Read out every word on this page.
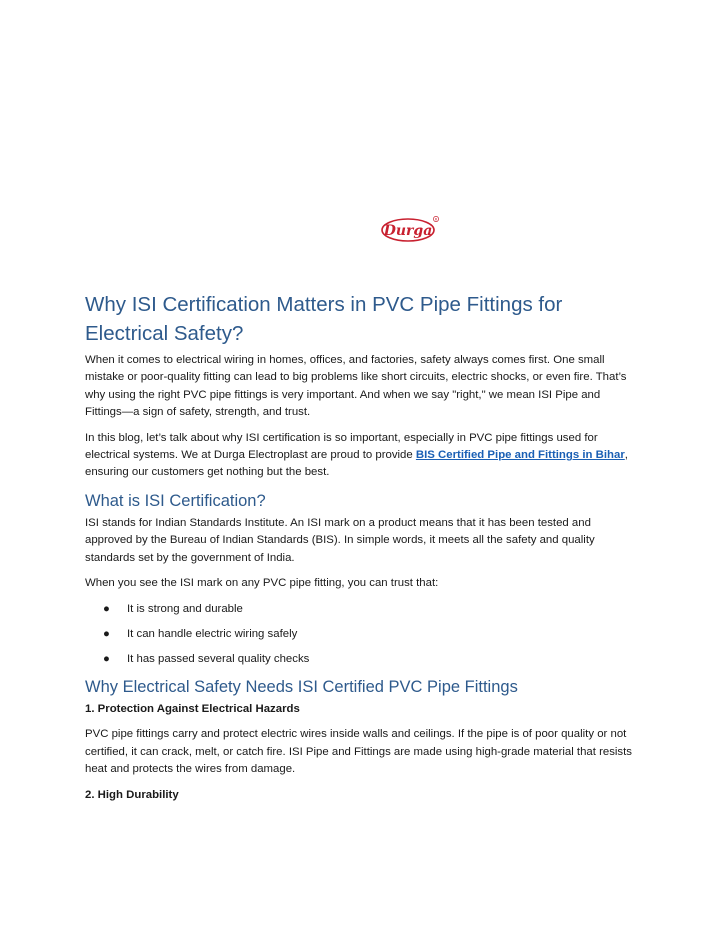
Durga
R
Why ISI Certification Matters in PVC Pipe Fittings for Electrical Safety?

When it comes to electrical wiring in homes, offices, and factories, safety always comes first. One small mistake or poor-quality fitting can lead to big problems like short circuits, electric shocks, or even fire. That’s why using the right PVC pipe fittings is very important. And when we say "right," we mean ISI Pipe and Fittings—a sign of safety, strength, and trust.

In this blog, let’s talk about why ISI certification is so important, especially in PVC pipe fittings used for electrical systems. We at Durga Electroplast are proud to provide BIS Certified Pipe and Fittings in Bihar, ensuring our customers get nothing but the best.

What is ISI Certification?

ISI stands for Indian Standards Institute. An ISI mark on a product means that it has been tested and approved by the Bureau of Indian Standards (BIS). In simple words, it meets all the safety and quality standards set by the government of India.

When you see the ISI mark on any PVC pipe fitting, you can trust that:

● It is strong and durable
● It can handle electric wiring safely
● It has passed several quality checks
Why Electrical Safety Needs ISI Certified PVC Pipe Fittings
1. Protection Against Electrical Hazards

PVC pipe fittings carry and protect electric wires inside walls and ceilings. If the pipe is of poor quality or not certified, it can crack, melt, or catch fire. ISI Pipe and Fittings are made using high-grade material that resists heat and protects the wires from damage.

2. High Durability
